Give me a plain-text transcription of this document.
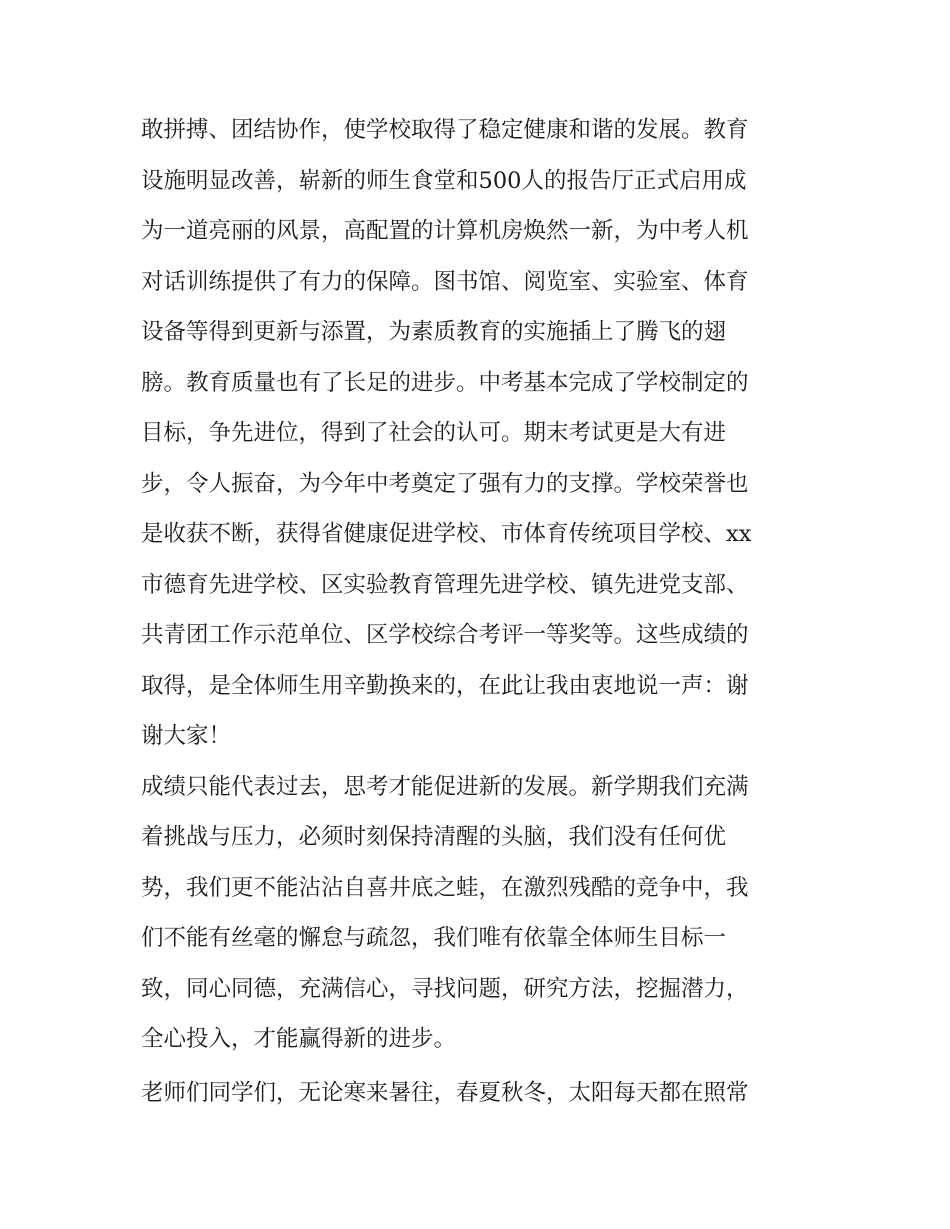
敢拼搏、团结协作，使学校取得了稳定健康和谐的发展。教育
设施明显改善，崭新的师生食堂和500人的报告厅正式启用成
为一道亮丽的风景，高配置的计算机房焕然一新，为中考人机
对话训练提供了有力的保障。图书馆、阅览室、实验室、体育
设备等得到更新与添置，为素质教育的实施插上了腾飞的翅
膀。教育质量也有了长足的进步。中考基本完成了学校制定的
目标，争先进位，得到了社会的认可。期末考试更是大有进
步，令人振奋，为今年中考奠定了强有力的支撑。学校荣誉也
是收获不断，获得省健康促进学校、市体育传统项目学校、xx
市德育先进学校、区实验教育管理先进学校、镇先进党支部、
共青团工作示范单位、区学校综合考评一等奖等。这些成绩的
取得，是全体师生用辛勤换来的，在此让我由衷地说一声：谢
谢大家！
成绩只能代表过去，思考才能促进新的发展。新学期我们充满
着挑战与压力，必须时刻保持清醒的头脑，我们没有任何优
势，我们更不能沾沾自喜井底之蛙，在激烈残酷的竞争中，我
们不能有丝毫的懈怠与疏忽，我们唯有依靠全体师生目标一
致，同心同德，充满信心，寻找问题，研究方法，挖掘潜力，
全心投入，才能赢得新的进步。
老师们同学们，无论寒来暑往，春夏秋冬，太阳每天都在照常
